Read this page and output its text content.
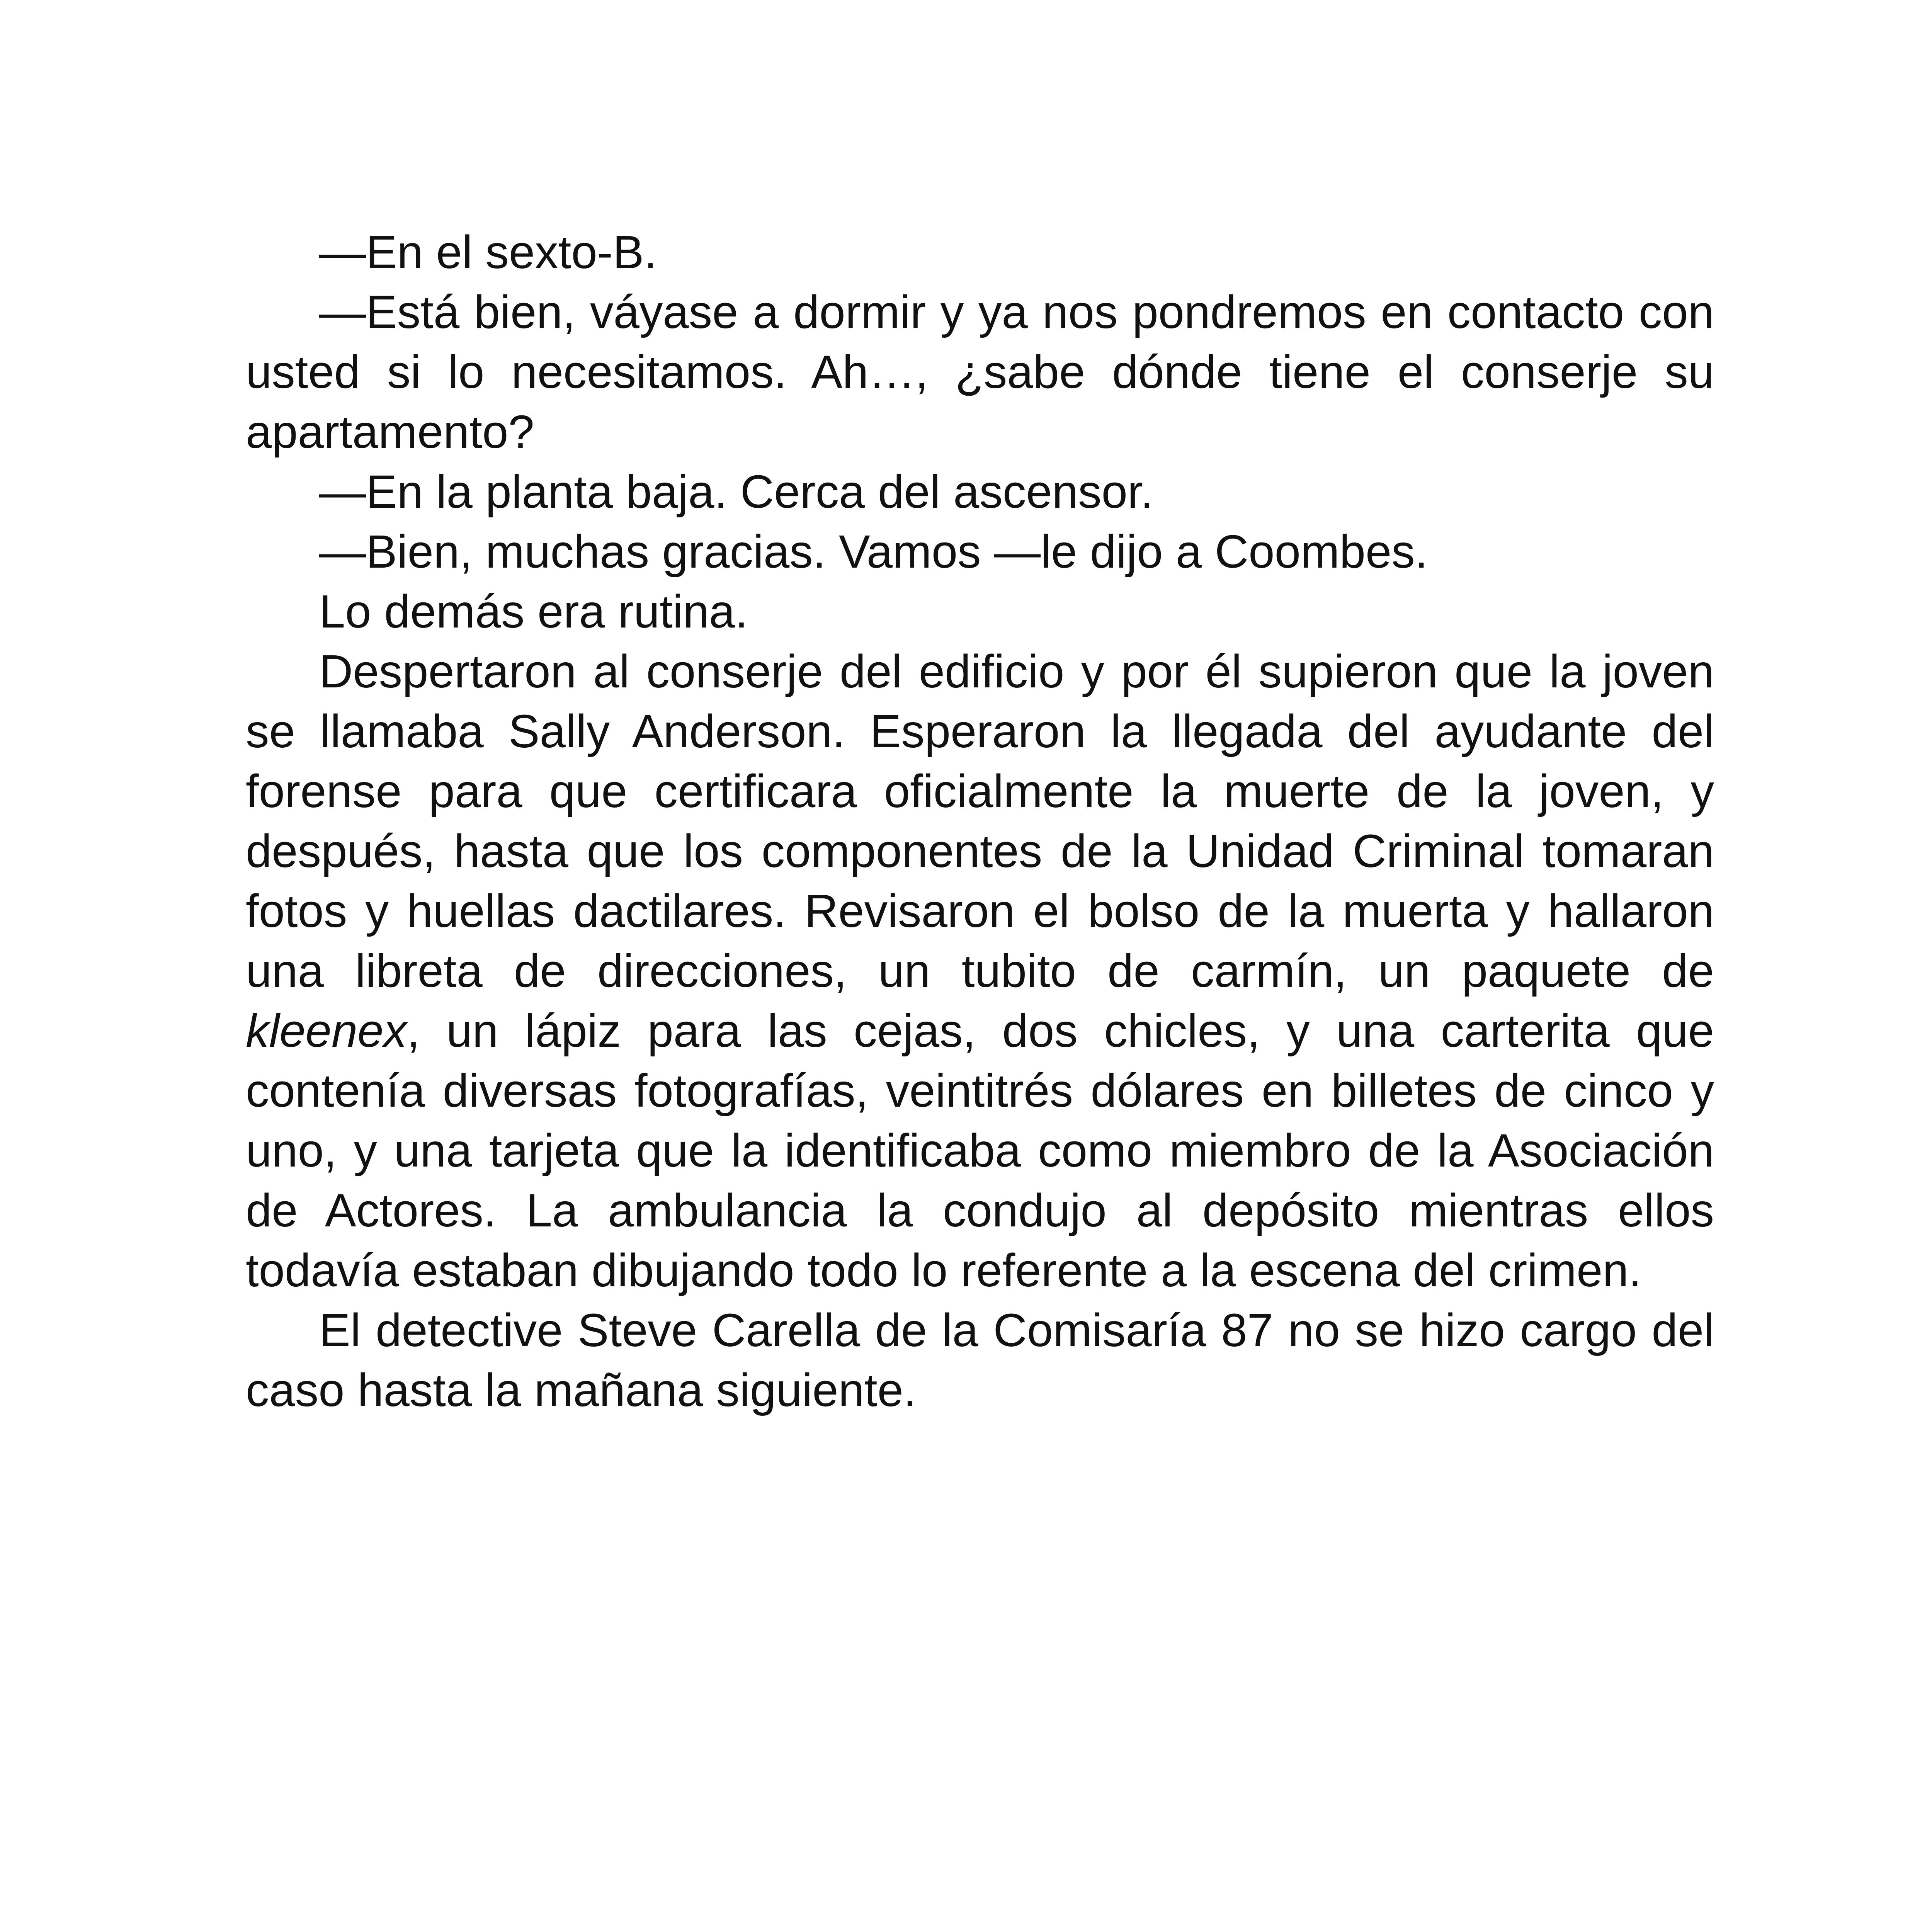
—En el sexto-B.

—Está bien, váyase a dormir y ya nos pondremos en contacto con usted si lo necesitamos. Ah…, ¿sabe dónde tiene el conserje su apartamento?

—En la planta baja. Cerca del ascensor.

—Bien, muchas gracias. Vamos —le dijo a Coombes.

Lo demás era rutina.

Despertaron al conserje del edificio y por él supieron que la joven se llamaba Sally Anderson. Esperaron la llegada del ayudante del forense para que certificara oficialmente la muerte de la joven, y después, hasta que los componentes de la Unidad Criminal tomaran fotos y huellas dactilares. Revisaron el bolso de la muerta y hallaron una libreta de direcciones, un tubito de carmín, un paquete de kleenex, un lápiz para las cejas, dos chicles, y una carterita que contenía diversas fotografías, veintitrés dólares en billetes de cinco y uno, y una tarjeta que la identificaba como miembro de la Asociación de Actores. La ambulancia la condujo al depósito mientras ellos todavía estaban dibujando todo lo referente a la escena del crimen.

El detective Steve Carella de la Comisaría 87 no se hizo cargo del caso hasta la mañana siguiente.
